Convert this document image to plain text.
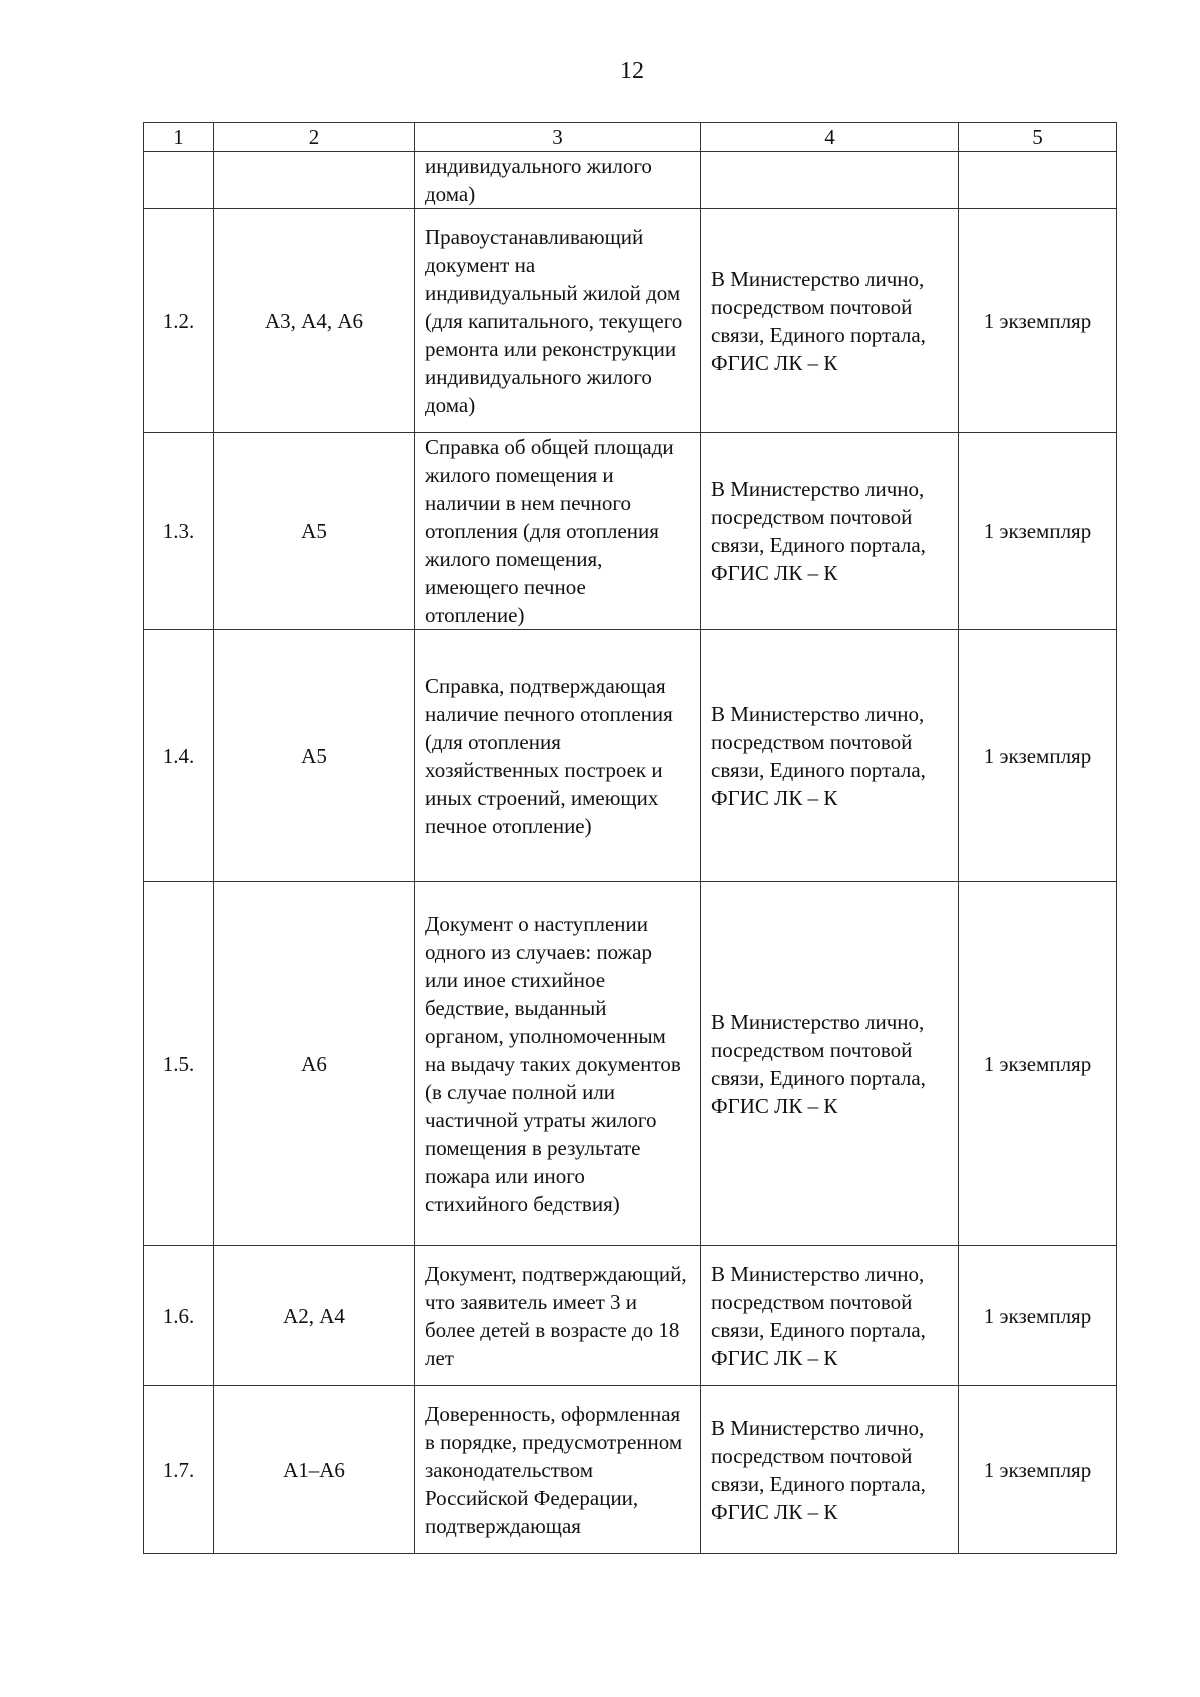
12
1	2	3	4	5
		индивидуального жилого дома)		
1.2.	А3, А4, А6	Правоустанавливающий документ на индивидуальный жилой дом (для капитального, текущего ремонта или реконструкции индивидуального жилого дома)	В Министерство лично, посредством почтовой связи, Единого портала, ФГИС ЛК – К	1 экземпляр
1.3.	А5	Справка об общей площади жилого помещения и наличии в нем печного отопления (для отопления жилого помещения, имеющего печное отопление)	В Министерство лично, посредством почтовой связи, Единого портала, ФГИС ЛК – К	1 экземпляр
1.4.	А5	Справка, подтверждающая наличие печного отопления (для отопления хозяйственных построек и иных строений, имеющих печное отопление)	В Министерство лично, посредством почтовой связи, Единого портала, ФГИС ЛК – К	1 экземпляр
1.5.	А6	Документ о наступлении одного из случаев: пожар или иное стихийное бедствие, выданный органом, уполномоченным на выдачу таких документов (в случае полной или частичной утраты жилого помещения в результате пожара или иного стихийного бедствия)	В Министерство лично, посредством почтовой связи, Единого портала, ФГИС ЛК – К	1 экземпляр
1.6.	А2, А4	Документ, подтверждающий, что заявитель имеет 3 и более детей в возрасте до 18 лет	В Министерство лично, посредством почтовой связи, Единого портала, ФГИС ЛК – К	1 экземпляр
1.7.	А1–А6	Доверенность, оформленная в порядке, предусмотренном законодательством Российской Федерации, подтверждающая	В Министерство лично, посредством почтовой связи, Единого портала, ФГИС ЛК – К	1 экземпляр
